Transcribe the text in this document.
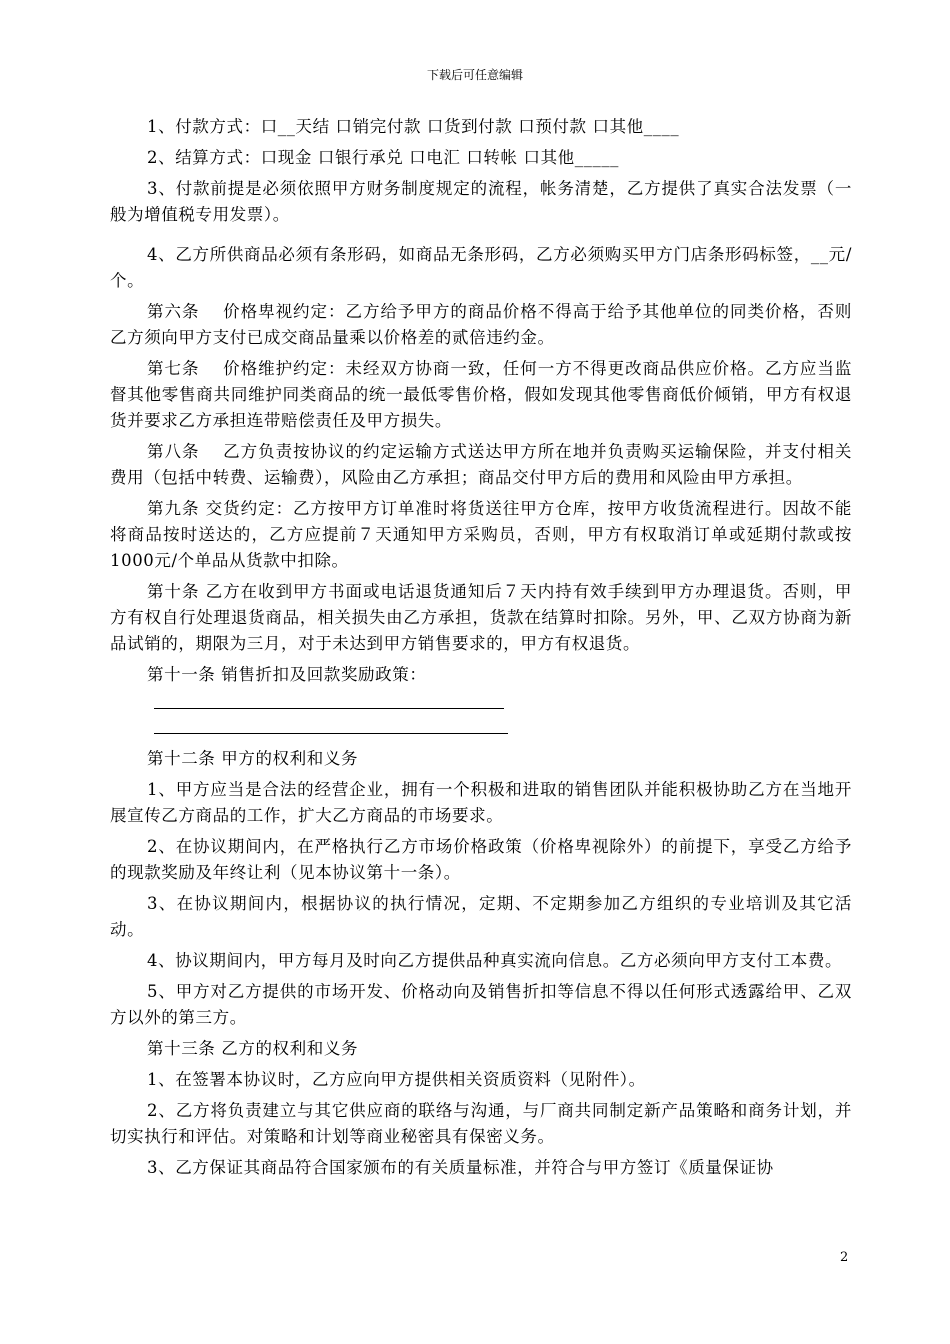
下载后可任意编辑

1、付款方式：口__天结 口销完付款 口货到付款 口预付款 口其他____

2、结算方式：口现金 口银行承兑 口电汇 口转帐 口其他_____

3、付款前提是必须依照甲方财务制度规定的流程，帐务清楚，乙方提供了真实合法发票（一般为增值税专用发票）。

4、乙方所供商品必须有条形码，如商品无条形码，乙方必须购买甲方门店条形码标签，__元/个。

第六条　 价格卑视约定：乙方给予甲方的商品价格不得高于给予其他单位的同类价格，否则乙方须向甲方支付已成交商品量乘以价格差的贰倍违约金。

第七条　 价格维护约定：未经双方协商一致，任何一方不得更改商品供应价格。乙方应当监督其他零售商共同维护同类商品的统一最低零售价格，假如发现其他零售商低价倾销，甲方有权退货并要求乙方承担连带赔偿责任及甲方损失。

第八条　 乙方负责按协议的约定运输方式送达甲方所在地并负责购买运输保险，并支付相关费用（包括中转费、运输费），风险由乙方承担；商品交付甲方后的费用和风险由甲方承担。

第九条 交货约定：乙方按甲方订单准时将货送往甲方仓库，按甲方收货流程进行。因故不能将商品按时送达的，乙方应提前７天通知甲方采购员，否则，甲方有权取消订单或延期付款或按1000元/个单品从货款中扣除。

第十条 乙方在收到甲方书面或电话退货通知后７天内持有效手续到甲方办理退货。否则，甲方有权自行处理退货商品，相关损失由乙方承担，货款在结算时扣除。另外，甲、乙双方协商为新品试销的，期限为三月，对于未达到甲方销售要求的，甲方有权退货。

第十一条 销售折扣及回款奖励政策：

第十二条 甲方的权利和义务

1、甲方应当是合法的经营企业，拥有一个积极和进取的销售团队并能积极协助乙方在当地开展宣传乙方商品的工作，扩大乙方商品的市场要求。

2、在协议期间内，在严格执行乙方市场价格政策（价格卑视除外）的前提下，享受乙方给予的现款奖励及年终让利（见本协议第十一条）。

3、在协议期间内，根据协议的执行情况，定期、不定期参加乙方组织的专业培训及其它活动。

4、协议期间内，甲方每月及时向乙方提供品种真实流向信息。乙方必须向甲方支付工本费。

5、甲方对乙方提供的市场开发、价格动向及销售折扣等信息不得以任何形式透露给甲、乙双方以外的第三方。

第十三条 乙方的权利和义务

1、在签署本协议时，乙方应向甲方提供相关资质资料（见附件）。

2、乙方将负责建立与其它供应商的联络与沟通，与厂商共同制定新产品策略和商务计划，并切实执行和评估。对策略和计划等商业秘密具有保密义务。

3、乙方保证其商品符合国家颁布的有关质量标准，并符合与甲方签订《质量保证协

2
